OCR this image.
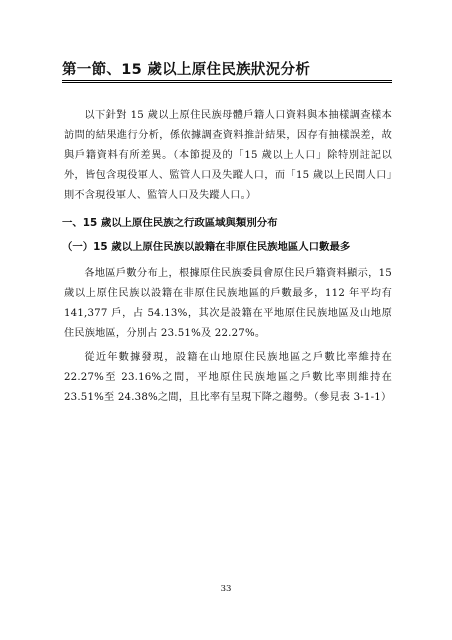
第一節、15 歲以上原住民族狀況分析

以下針對 15 歲以上原住民族母體戶籍人口資料與本抽樣調查樣本訪問的結果進行分析，係依據調查資料推計結果，因存有抽樣誤差，故與戶籍資料有所差異。（本節提及的「15 歲以上人口」除特別註記以外，皆包含現役軍人、監管人口及失蹤人口，而「15 歲以上民間人口」則不含現役軍人、監管人口及失蹤人口。）

一、15 歲以上原住民族之行政區域與類別分布
（一）15 歲以上原住民族以設籍在非原住民族地區人口數最多

各地區戶數分布上，根據原住民族委員會原住民戶籍資料顯示，15 歲以上原住民族以設籍在非原住民族地區的戶數最多，112 年平均有 141,377 戶，占 54.13%，其次是設籍在平地原住民族地區及山地原住民族地區，分別占 23.51%及 22.27%。

從近年數據發現，設籍在山地原住民族地區之戶數比率維持在 22.27%至 23.16%之間，平地原住民族地區之戶數比率則維持在 23.51%至 24.38%之間，且比率有呈現下降之趨勢。（參見表 3-1-1）

33
